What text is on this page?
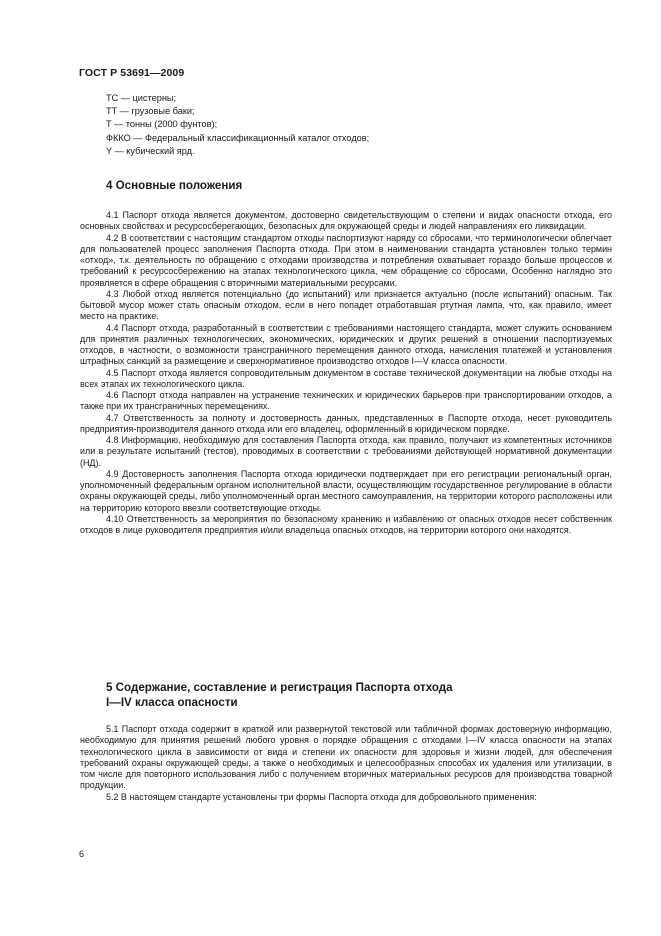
ГОСТ Р 53691—2009
TC — цистерны;
TT — грузовые баки;
T — тонны (2000 фунтов);
ФККО — Федеральный классификационный каталог отходов;
Y — кубический ярд.
4 Основные положения

4.1 Паспорт отхода является документом, достоверно свидетельствующим о степени и видах опасности отхода, его основных свойствах и ресурсосберегающих, безопасных для окружающей среды и людей направлениях его ликвидации.

4.2 В соответствии с настоящим стандартом отходы паспортизуют наряду со сбросами, что терминологически облегчает для пользователей процесс заполнения Паспорта отхода. При этом в наименовании стандарта установлен только термин «отход», т.к. деятельность по обращению с отходами производства и потребления охватывает гораздо больше процессов и требований к ресурсосбережению на этапах технологического цикла, чем обращение со сбросами, Особенно наглядно это проявляется в сфере обращения с вторичными материальными ресурсами.

4.3 Любой отход является потенциально (до испытаний) или признается актуально (после испытаний) опасным. Так бытовой мусор может стать опасным отходом, если в него попадет отработавшая ртутная лампа, что, как правило, имеет место на практике.

4.4 Паспорт отхода, разработанный в соответствии с требованиями настоящего стандарта, может служить основанием для принятия различных технологических, экономических, юридических и других решений в отношении паспортизуемых отходов, в частности, о возможности трансграничного перемещения данного отхода, начисления платежей и установления штрафных санкций за размещение и сверхнормативное производство отходов I—V класса опасности.

4.5 Паспорт отхода является сопроводительным документом в составе технической документации на любые отходы на всех этапах их технологического цикла.

4.6 Паспорт отхода направлен на устранение технических и юридических барьеров при транспортировании отходов, а также при их трансграничных перемещениях.

4.7 Ответственность за полноту и достоверность данных, представленных в Паспорте отхода, несет руководитель предприятия-производителя данного отхода или его владелец, оформленный в юридическом порядке.

4.8 Информацию, необходимую для составления Паспорта отхода, как правило, получают из компетентных источников или в результате испытаний (тестов), проводимых в соответствии с требованиями действующей нормативной документации (НД).

4.9 Достоверность заполнения Паспорта отхода юридически подтверждает при его регистрации региональный орган, уполномоченный федеральным органом исполнительной власти, осуществляющим государственное регулирование в области охраны окружающей среды, либо уполномоченный орган местного самоуправления, на территории которого расположены или на территорию которого ввезли соответствующие отходы.

4.10 Ответственность за мероприятия по безопасному хранению и избавлению от опасных отходов несет собственник отходов в лице руководителя предприятия и/или владельца опасных отходов, на территории которого они находятся.

5 Содержание, составление и регистрация Паспорта отхода
I—IV класса опасности

5.1 Паспорт отхода содержит в краткой или развернутой текстовой или табличной формах достоверную информацию, необходимую для принятия решений любого уровня о порядке обращения с отходами I—IV класса опасности на этапах технологического цикла в зависимости от вида и степени их опасности для здоровья и жизни людей, для обеспечения требований охраны окружающей среды, а также о необходимых и целесообразных способах их удаления или утилизации, в том числе для повторного использования либо с получением вторичных материальных ресурсов для производства товарной продукции.

5.2 В настоящем стандарте установлены три формы Паспорта отхода для добровольного применения:

6
